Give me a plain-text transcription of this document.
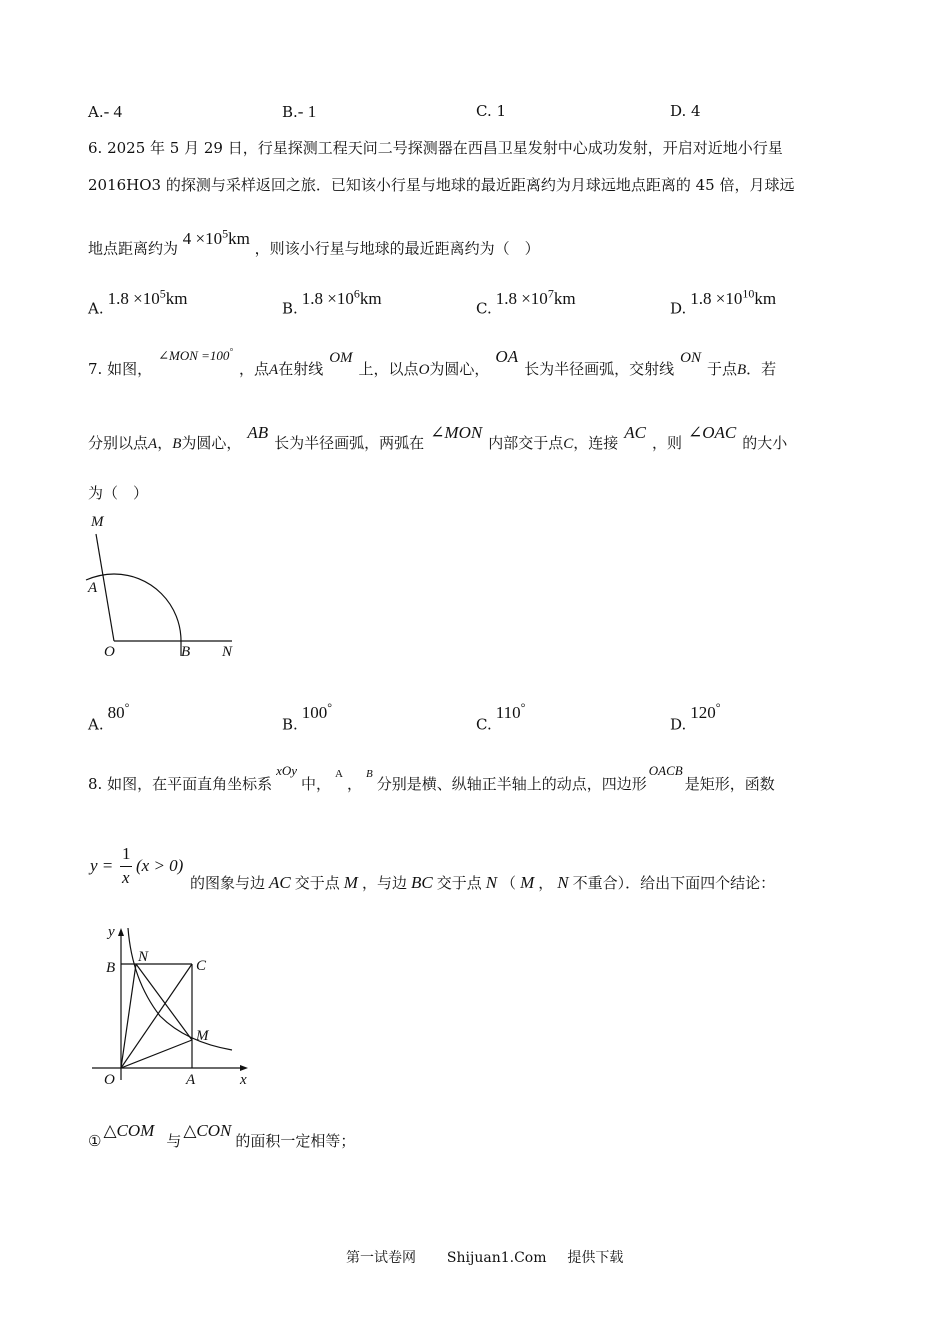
A.- 4	B.- 1	C. 1	D. 4
6. 2025 年 5 月 29 日，行星探测工程天问二号探测器在西昌卫星发射中心成功发射，开启对近地小行星
2016HO3 的探测与采样返回之旅．已知该小行星与地球的最近距离约为月球远地点距离的 45 倍，月球远
地点距离约为 $4 \times 10^5km$ ，则该小行星与地球的最近距离约为（　）
$A.1.8 \times 10^5km$
$B.1.8 \times 10^6km$
$C.1.8 \times 10^7km$
$D.1.8 \times 10^{10}km$
7. 如图，∠MON =100°，点A在射线OM上，以点O为圆心，OA长为半径画弧，交射线ON于点B．若
分别以点A，B为圆心，AB长为半径画弧，两弧在∠MON内部交于点C，连接AC，则∠OAC的大小
为（　）
M
A
O	B N
A.80°
B.100°
C.110°
D.120°
8. 如图，在平面直角坐标系xOy中，$^A$，$^B$分别是横、纵轴正半轴上的动点，四边形OACB是矩形，函数
y =
1
x
(x > 0)
的图象与边 AC 交于点 M ，与边 BC 交于点 N （ M ， N 不重合）．给出下面四个结论：
y
x
B
N
C
M
O	A
①△COM与△CON的面积一定相等；
第一试卷网 Shijuan1.Com 提供下载
